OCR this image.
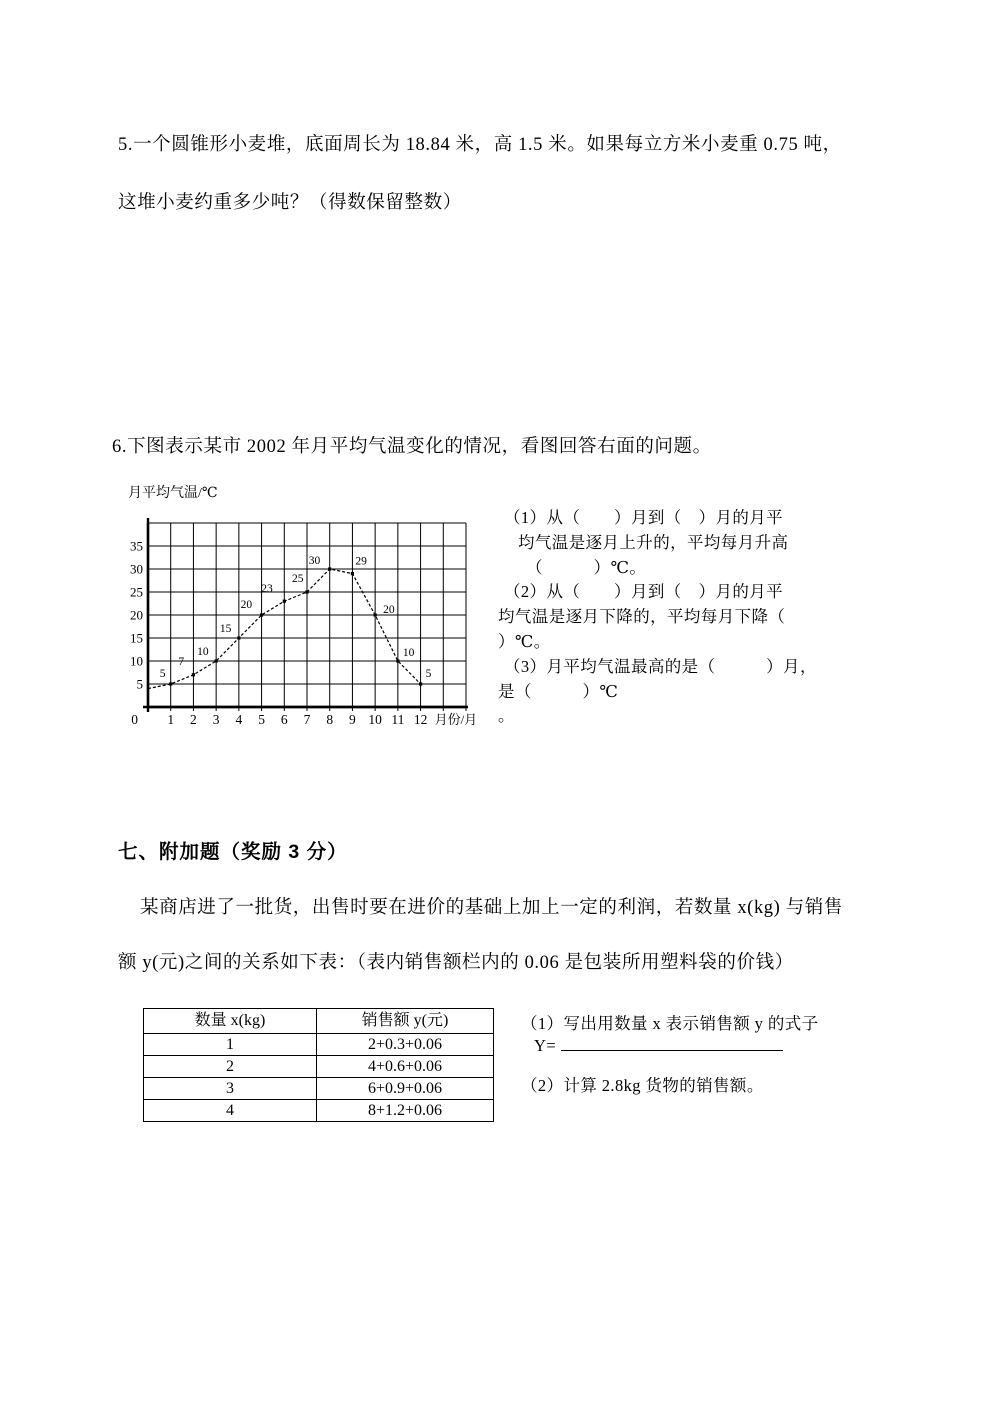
5.一个圆锥形小麦堆，底面周长为 18.84 米，高 1.5 米。如果每立方米小麦重 0.75 吨，
这堆小麦约重多少吨？（得数保留整数）
6.下图表示某市 2002 年月平均气温变化的情况，看图回答右面的问题。
月平均气温/℃
5
10
15
20
25
30
35
0 1 2 3 4 5 6 7 8 9 10 11 12 月份/月
5
7
10
15
20
23
25
30	29
20
10
5
（1）从（　　）月到（　）月的月平
均气温是逐月上升的，平均每月升高
（　　　）℃。
（2）从（　　）月到（　）月的月平
均气温是逐月下降的，平均每月下降（
）℃。
（3）月平均气温最高的是（　　　）月，
是（　　　）℃
。
七、附加题（奖励 3 分）
某商店进了一批货，出售时要在进价的基础上加上一定的利润，若数量 x(kg) 与销售
额 y(元)之间的关系如下表：（表内销售额栏内的 0.06 是包装所用塑料袋的价钱）
数量 x(kg)	销售额 y(元)
1	2+0.3+0.06
2	4+0.6+0.06
3	6+0.9+0.06
4	8+1.2+0.06
（1）写出用数量 x 表示销售额 y 的式子
Y=
（2）计算 2.8kg 货物的销售额。
